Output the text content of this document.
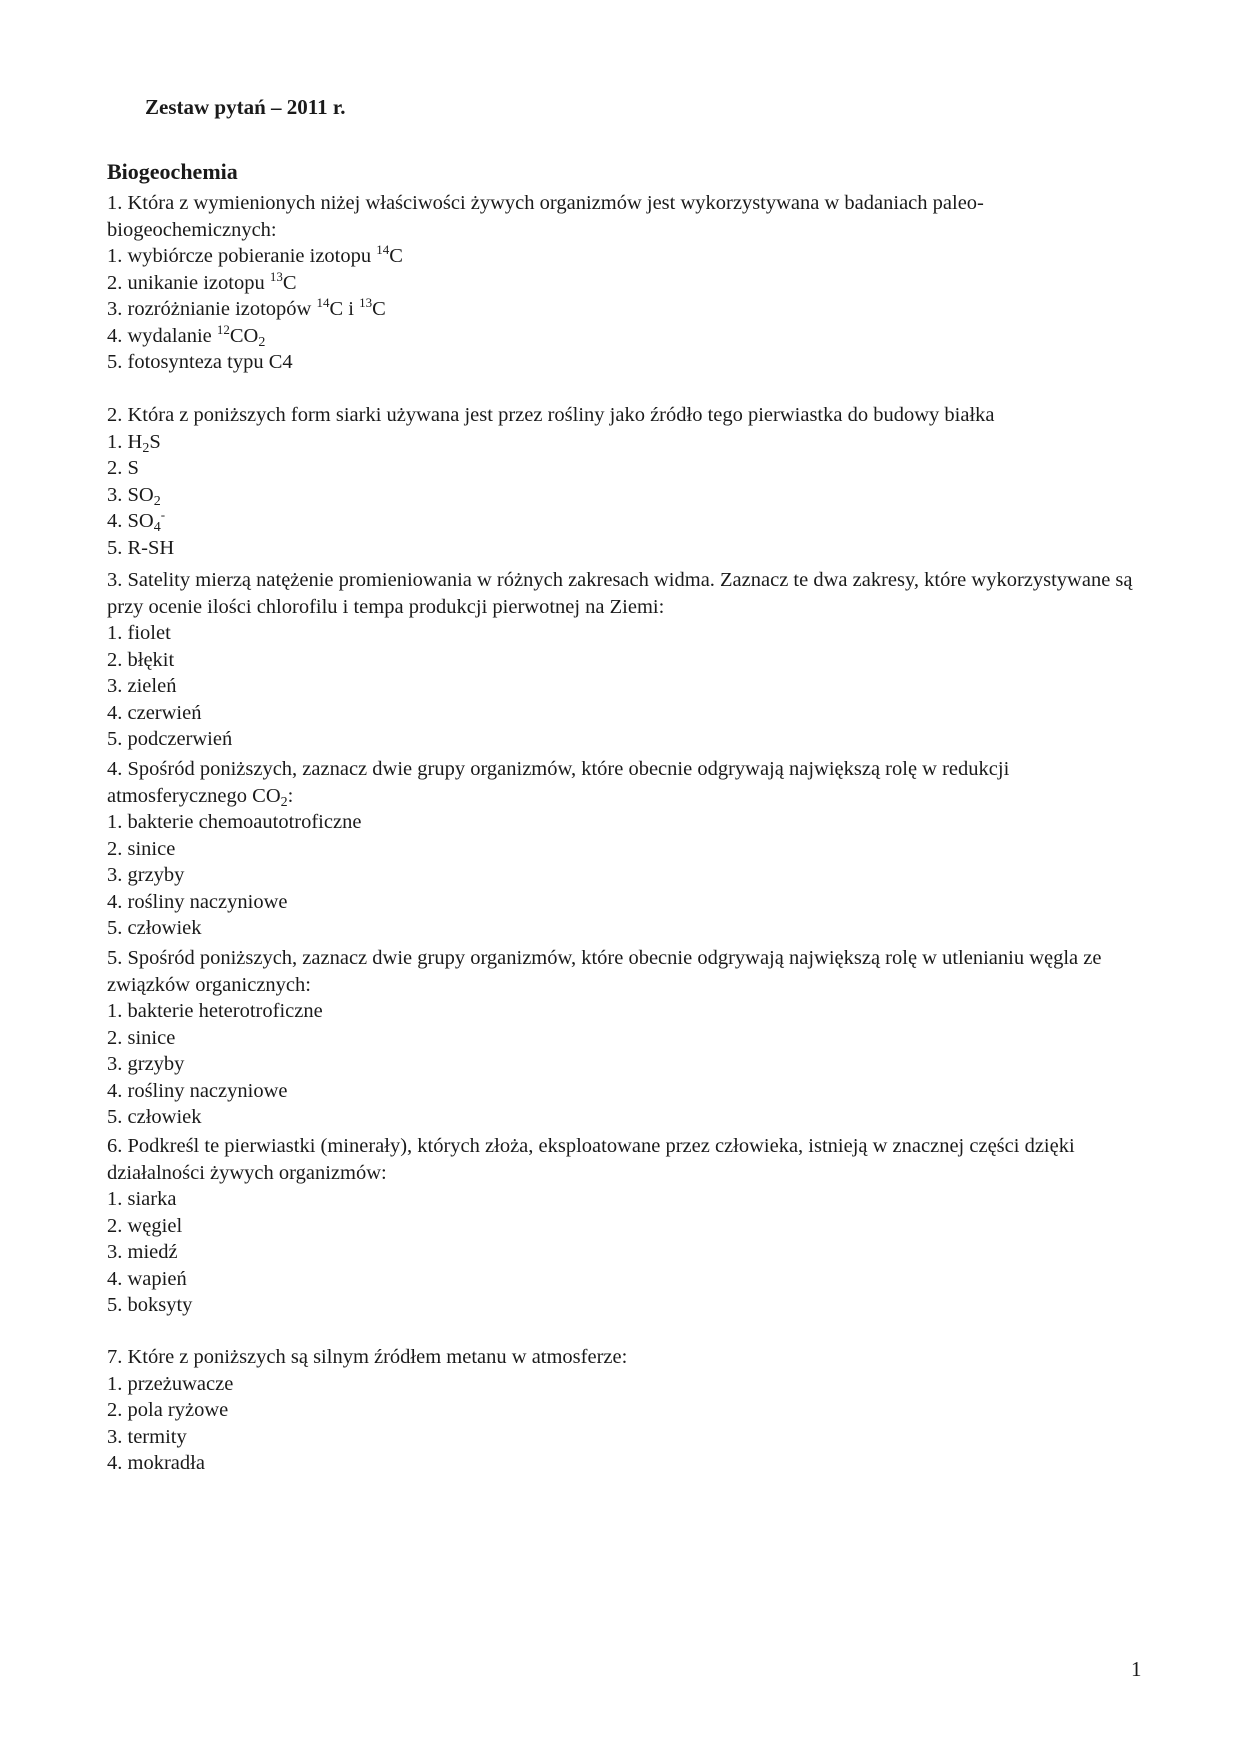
Zestaw pytań – 2011 r.
Biogeochemia
1. Która z wymienionych niżej właściwości żywych organizmów jest wykorzystywana w badaniach paleo-biogeochemicznych:
1. wybiórcze pobieranie izotopu $^{14}$C
2. unikanie izotopu $^{13}$C
3. rozróżnianie izotopów $^{14}$C i $^{13}$C
4. wydalanie $^{12}CO_2$
5. fotosynteza typu C4
2. Która z poniższych form siarki używana jest przez rośliny jako źródło tego pierwiastka do budowy białka
1. $H_2S$
2. S
3. $SO_2$
4. $SO_4^-$
5. R-SH
3. Satelity mierzą natężenie promieniowania w różnych zakresach widma. Zaznacz te dwa zakresy, które wykorzystywane są przy ocenie ilości chlorofilu i tempa produkcji pierwotnej na Ziemi:
1. fiolet
2. błękit
3. zieleń
4. czerwień
5. podczerwień
4. Spośród poniższych, zaznacz dwie grupy organizmów, które obecnie odgrywają największą rolę w redukcji atmosferycznego $CO_2$:
1. bakterie chemoautotroficzne
2. sinice
3. grzyby
4. rośliny naczyniowe
5. człowiek
5. Spośród poniższych, zaznacz dwie grupy organizmów, które obecnie odgrywają największą rolę w utlenianiu węgla ze związków organicznych:
1. bakterie heterotroficzne
2. sinice
3. grzyby
4. rośliny naczyniowe
5. człowiek
6. Podkreśl te pierwiastki (minerały), których złoża, eksploatowane przez człowieka, istnieją w znacznej części dzięki działalności żywych organizmów:
1. siarka
2. węgiel
3. miedź
4. wapień
5. boksyty
7. Które z poniższych są silnym źródłem metanu w atmosferze:
1. przeżuwacze
2. pola ryżowe
3. termity
4. mokradła
1
